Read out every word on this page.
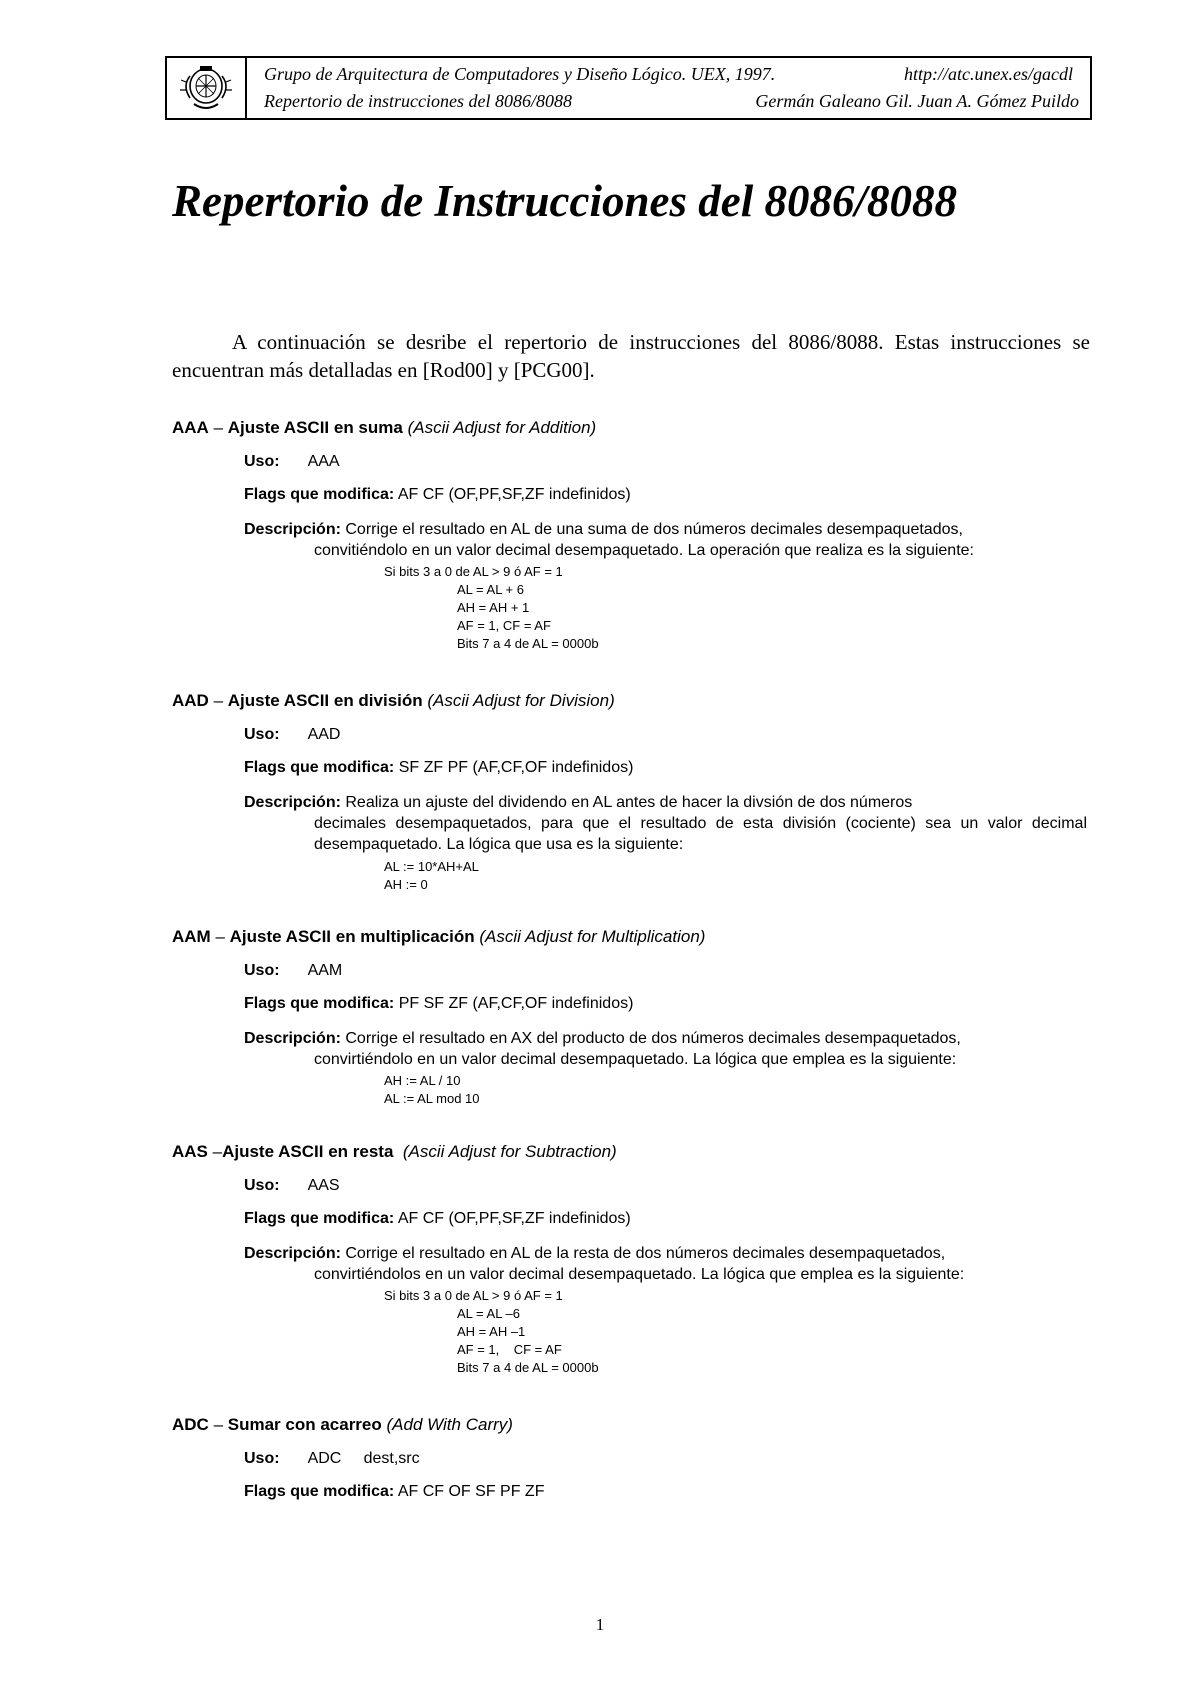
Grupo de Arquitectura de Computadores y Diseño Lógico. UEX, 1997.	http://atc.unex.es/gacdl
Repertorio de instrucciones del 8086/8088	Germán Galeano Gil. Juan A. Gómez Puildo
Repertorio de Instrucciones del 8086/8088

A continuación se desribe el repertorio de instrucciones del 8086/8088. Estas instrucciones se encuentran más detalladas en [Rod00] y [PCG00].

AAA – Ajuste ASCII en suma (Ascii Adjust for Addition)

Uso: AAA
Flags que modifica: AF CF (OF,PF,SF,ZF indefinidos)
Descripción: Corrige el resultado en AL de una suma de dos números decimales desempaquetados,
convitiéndolo en un valor decimal desempaquetado. La operación que realiza es la siguiente:
Si bits 3 a 0 de AL > 9 ó AF = 1
AL = AL + 6
AH = AH + 1
AF = 1, CF = AF
Bits 7 a 4 de AL = 0000b

AAD – Ajuste ASCII en división (Ascii Adjust for Division)

Uso: AAD
Flags que modifica: SF ZF PF (AF,CF,OF indefinidos)
Descripción: Realiza un ajuste del dividendo en AL antes de hacer la divsión de dos números
decimales desempaquetados, para que el resultado de esta división (cociente) sea un valor decimal desempaquetado. La lógica que usa es la siguiente:
AL := 10*AH+AL
AH := 0

AAM – Ajuste ASCII en multiplicación (Ascii Adjust for Multiplication)

Uso: AAM
Flags que modifica: PF SF ZF (AF,CF,OF indefinidos)
Descripción: Corrige el resultado en AX del producto de dos números decimales desempaquetados,
convirtiéndolo en un valor decimal desempaquetado. La lógica que emplea es la siguiente:
AH := AL / 10
AL := AL mod 10

AAS –Ajuste ASCII en resta (Ascii Adjust for Subtraction)

Uso: AAS
Flags que modifica: AF CF (OF,PF,SF,ZF indefinidos)
Descripción: Corrige el resultado en AL de la resta de dos números decimales desempaquetados,
convirtiéndolos en un valor decimal desempaquetado. La lógica que emplea es la siguiente:
Si bits 3 a 0 de AL > 9 ó AF = 1
AL = AL –6
AH = AH –1
AF = 1,    CF = AF
Bits 7 a 4 de AL = 0000b

ADC – Sumar con acarreo (Add With Carry)

Uso: ADC     dest,src
Flags que modifica: AF CF OF SF PF ZF
1
